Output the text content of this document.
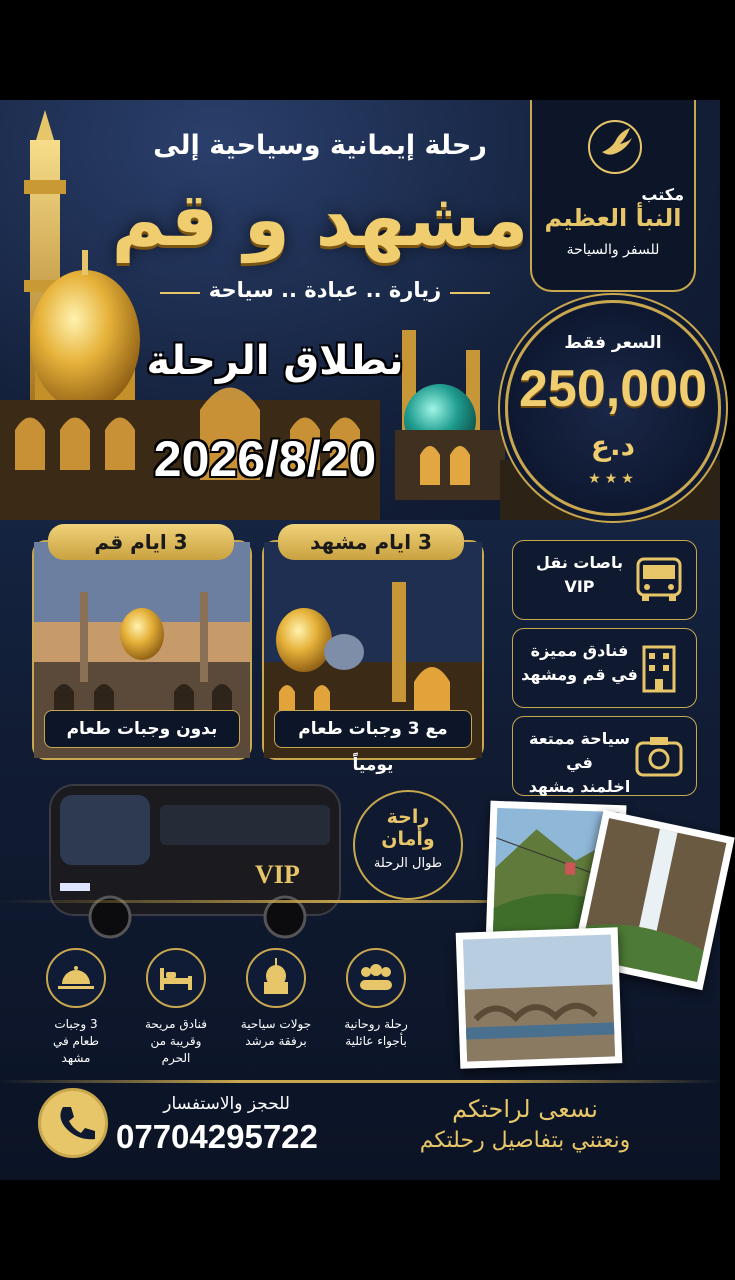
رحلة إيمانية وسياحية إلى
مشهد و قم
زيارة .. عبادة .. سياحة
نطلاق الرحلة
2026/8/20
مكتب
النبأ العظيم
للسفر والسياحة
السعر فقط
250,000
د.ع
★★★
مع 3 وجبات طعام يومياً
3 ايام مشهد
بدون وجبات طعام
3 ايام قم
باصات نقل
VIP
فنادق مميزة
في قم ومشهد
سياحة ممتعة في
اخلمند مشهد
VIP
راحة
وأمان
طوال الرحلة
رحلة روحانية
بأجواء عائلية
جولات سياحية
برفقة مرشد
فنادق مريحة
وقريبة من الحرم
3 وجبات
طعام في مشهد
للحجز والاستفسار
07704295722
نسعى لراحتكم
ونعتني بتفاصيل رحلتكم
